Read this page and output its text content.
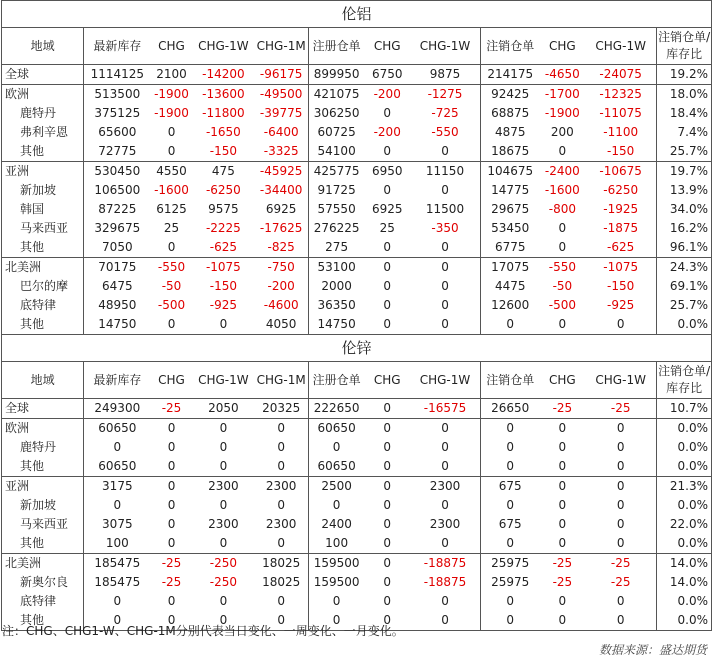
伦铝											
地域	最新库存	CHG	CHG-1W	CHG-1M	注册仓单	CHG	CHG-1W	注销仓单	CHG	CHG-1W	注销仓单/库存比
全球	1114125	2100	-14200	-96175	899950	6750	9875	214175	-4650	-24075	19.2%
欧洲	513500	-1900	-13600	-49500	421075	-200	-1275	92425	-1700	-12325	18.0%
鹿特丹	375125	-1900	-11800	-39775	306250	0	-725	68875	-1900	-11075	18.4%
弗利辛恩	65600	0	-1650	-6400	60725	-200	-550	4875	200	-1100	7.4%
其他	72775	0	-150	-3325	54100	0	0	18675	0	-150	25.7%
亚洲	530450	4550	475	-45925	425775	6950	11150	104675	-2400	-10675	19.7%
新加坡	106500	-1600	-6250	-34400	91725	0	0	14775	-1600	-6250	13.9%
韩国	87225	6125	9575	6925	57550	6925	11500	29675	-800	-1925	34.0%
马来西亚	329675	25	-2225	-17625	276225	25	-350	53450	0	-1875	16.2%
其他	7050	0	-625	-825	275	0	0	6775	0	-625	96.1%
北美洲	70175	-550	-1075	-750	53100	0	0	17075	-550	-1075	24.3%
巴尔的摩	6475	-50	-150	-200	2000	0	0	4475	-50	-150	69.1%
底特律	48950	-500	-925	-4600	36350	0	0	12600	-500	-925	25.7%
其他	14750	0	0	4050	14750	0	0	0	0	0	0.0%
伦锌											
地域	最新库存	CHG	CHG-1W	CHG-1M	注册仓单	CHG	CHG-1W	注销仓单	CHG	CHG-1W	注销仓单/库存比
全球	249300	-25	2050	20325	222650	0	-16575	26650	-25	-25	10.7%
欧洲	60650	0	0	0	60650	0	0	0	0	0	0.0%
鹿特丹	0	0	0	0	0	0	0	0	0	0	0.0%
其他	60650	0	0	0	60650	0	0	0	0	0	0.0%
亚洲	3175	0	2300	2300	2500	0	2300	675	0	0	21.3%
新加坡	0	0	0	0	0	0	0	0	0	0	0.0%
马来西亚	3075	0	2300	2300	2400	0	2300	675	0	0	22.0%
其他	100	0	0	0	100	0	0	0	0	0	0.0%
北美洲	185475	-25	-250	18025	159500	0	-18875	25975	-25	-25	14.0%
新奥尔良	185475	-25	-250	18025	159500	0	-18875	25975	-25	-25	14.0%
底特律	0	0	0	0	0	0	0	0	0	0	0.0%
其他	0	0	0	0	0	0	0	0	0	0	0.0%
注：CHG、CHG1-W、CHG-1M分别代表当日变化、一周变化、一月变化。
数据来源：盛达期货
